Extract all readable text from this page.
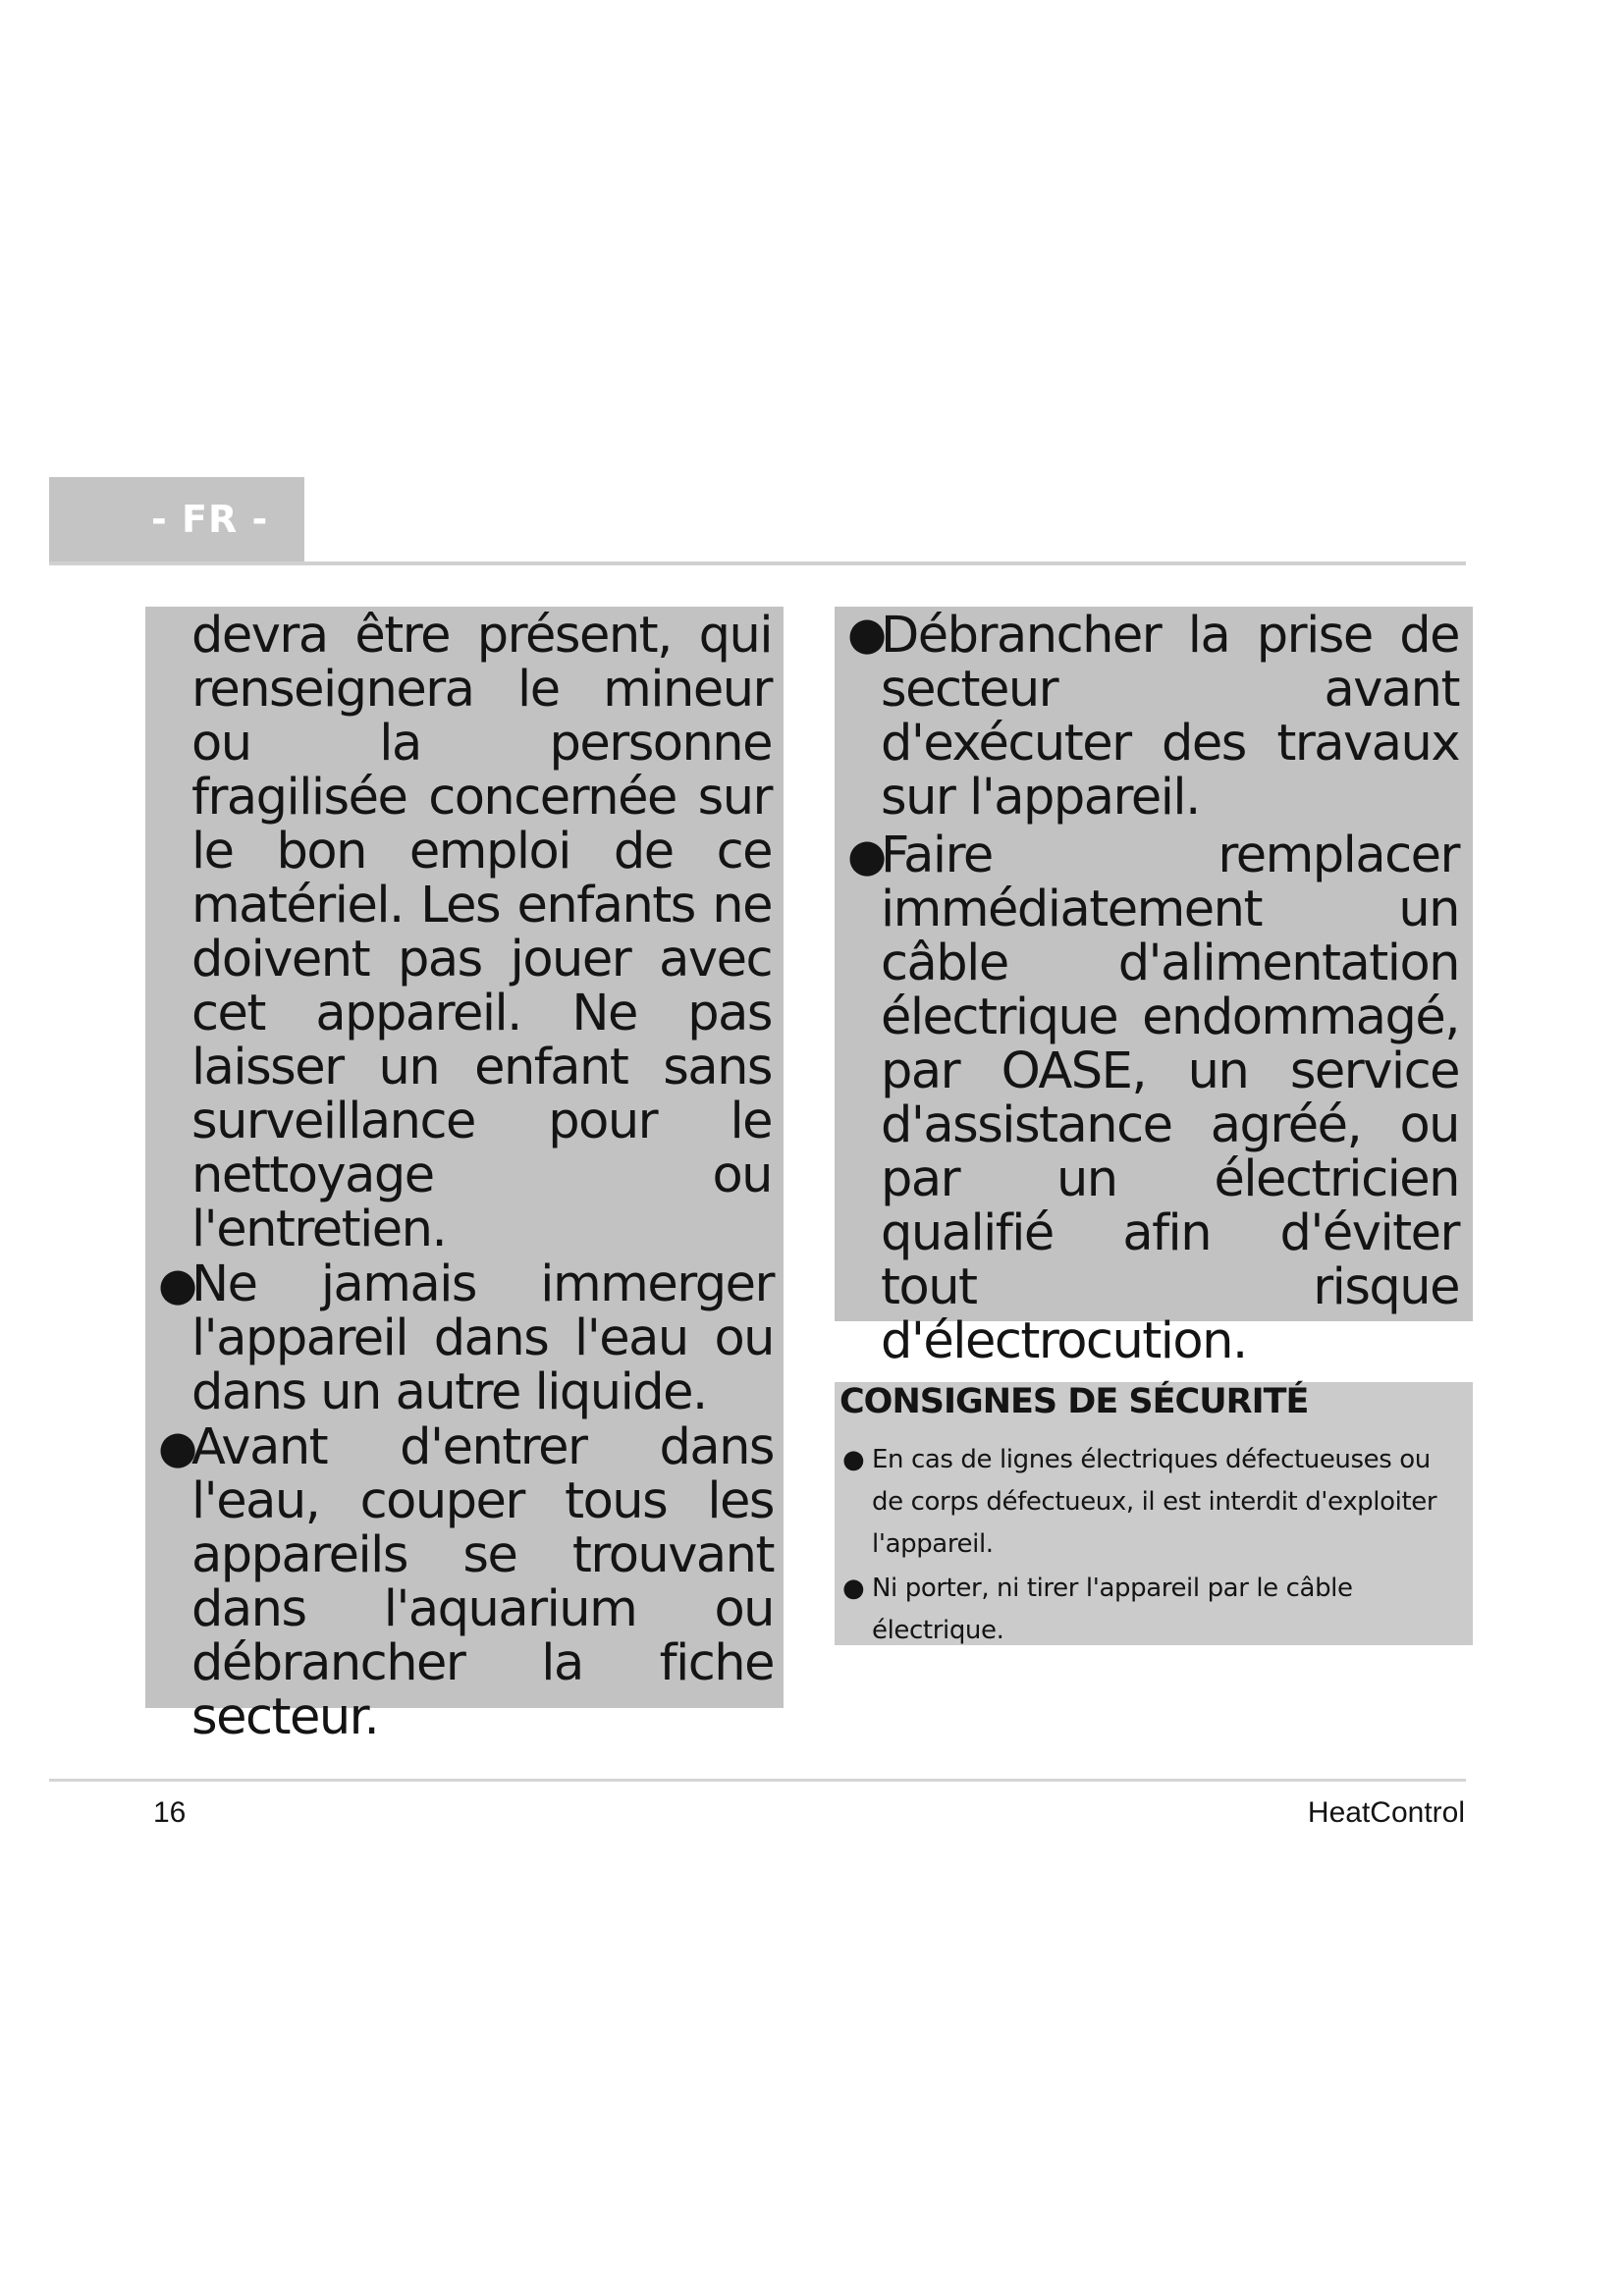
- FR -

devra être présent, qui renseignera le mineur ou la personne fragilisée concernée sur le bon emploi de ce matériel. Les enfants ne doivent pas jouer avec cet appareil. Ne pas laisser un enfant sans surveillance pour le nettoyage ou l'entretien.

●
Ne jamais immerger l'appareil dans l'eau ou dans un autre liquide.
●
Avant d'entrer dans l'eau, couper tous les appareils se trouvant dans l'aquarium ou débrancher la fiche secteur.
●
Débrancher la prise de secteur avant d'exécuter des travaux sur l'appareil.
●
Faire remplacer immédiatement un câble d'alimentation électrique endommagé, par OASE, un service d'assistance agréé, ou par un électricien qualifié afin d'éviter tout risque d'électrocution.
CONSIGNES DE SÉCURITÉ
● En cas de lignes électriques défectueuses ou de corps défectueux, il est interdit d'exploiter l'appareil.
● Ni porter, ni tirer l'appareil par le câble électrique.
16	HeatControl
